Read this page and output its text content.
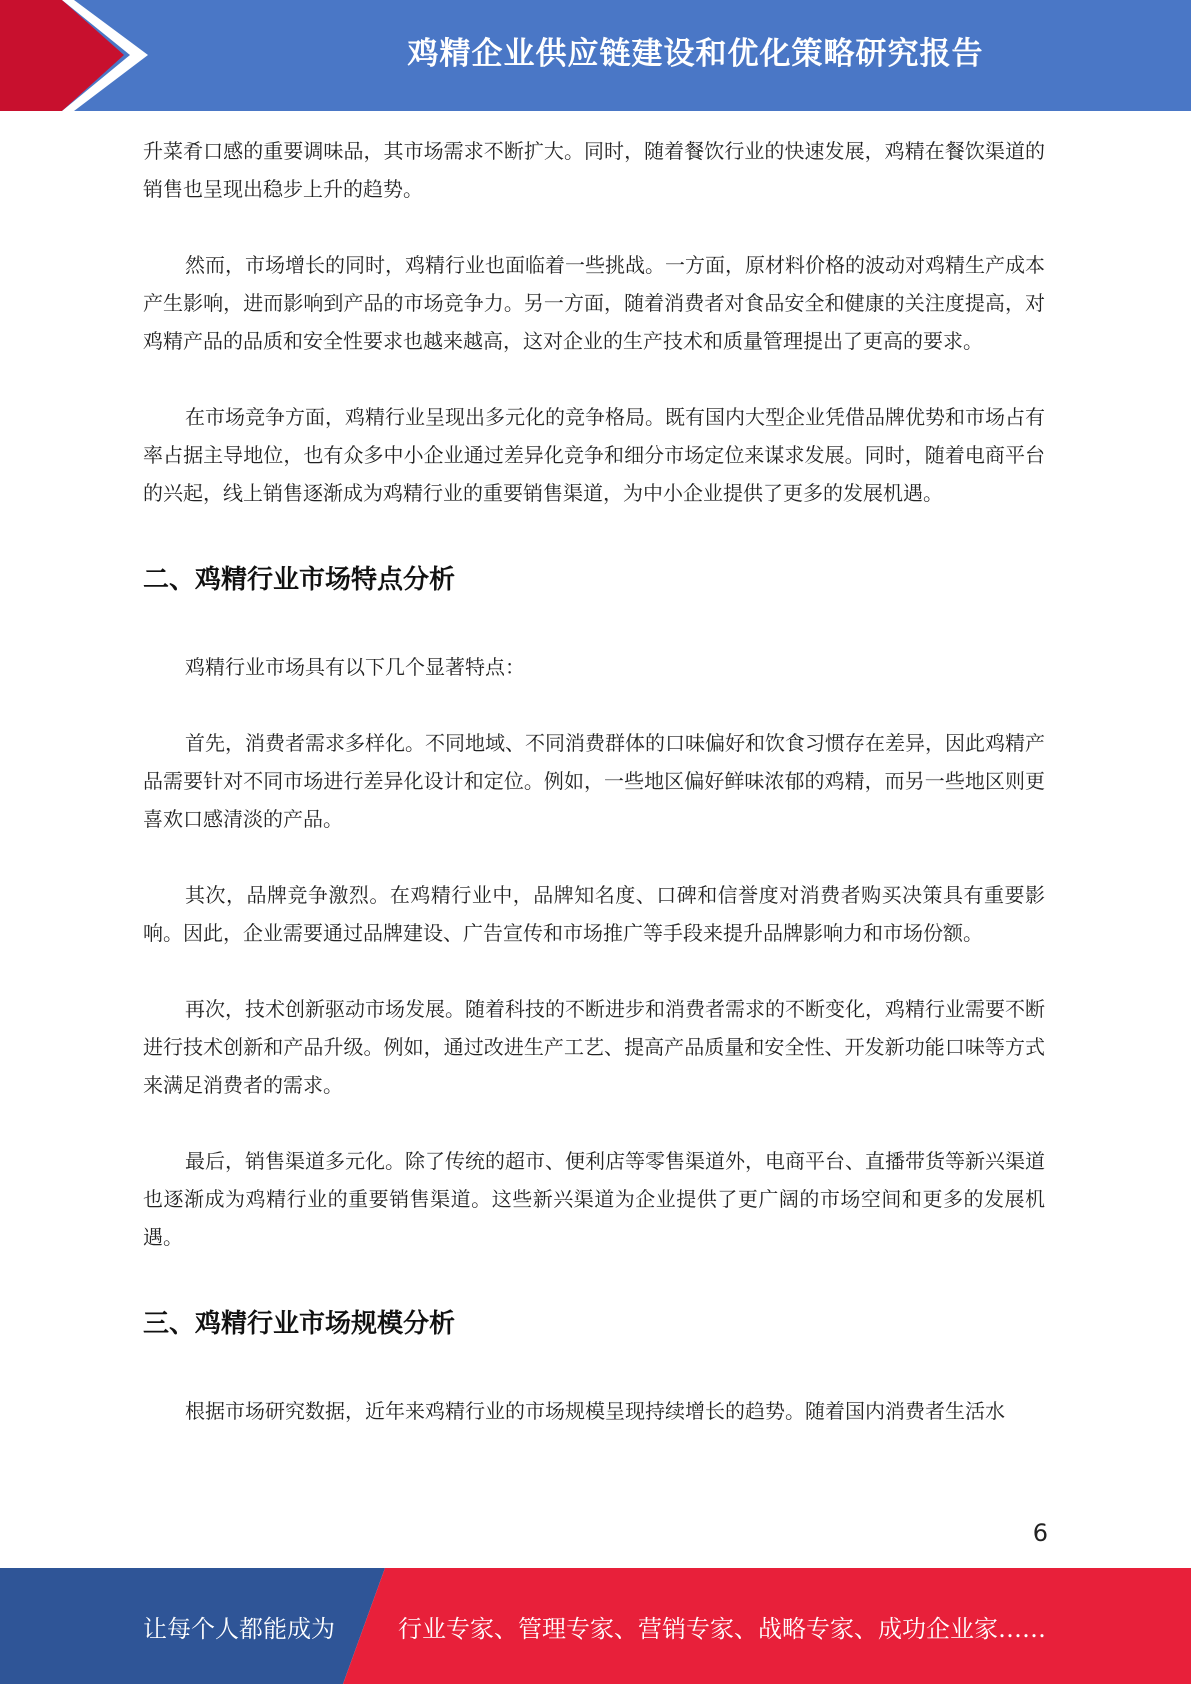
鸡精企业供应链建设和优化策略研究报告

升菜肴口感的重要调味品，其市场需求不断扩大。同时，随着餐饮行业的快速发展，鸡精在餐饮渠道的销售也呈现出稳步上升的趋势。

然而，市场增长的同时，鸡精行业也面临着一些挑战。一方面，原材料价格的波动对鸡精生产成本产生影响，进而影响到产品的市场竞争力。另一方面，随着消费者对食品安全和健康的关注度提高，对鸡精产品的品质和安全性要求也越来越高，这对企业的生产技术和质量管理提出了更高的要求。

在市场竞争方面，鸡精行业呈现出多元化的竞争格局。既有国内大型企业凭借品牌优势和市场占有率占据主导地位，也有众多中小企业通过差异化竞争和细分市场定位来谋求发展。同时，随着电商平台的兴起，线上销售逐渐成为鸡精行业的重要销售渠道，为中小企业提供了更多的发展机遇。

二、鸡精行业市场特点分析

鸡精行业市场具有以下几个显著特点：

首先，消费者需求多样化。不同地域、不同消费群体的口味偏好和饮食习惯存在差异，因此鸡精产品需要针对不同市场进行差异化设计和定位。例如，一些地区偏好鲜味浓郁的鸡精，而另一些地区则更喜欢口感清淡的产品。

其次，品牌竞争激烈。在鸡精行业中，品牌知名度、口碑和信誉度对消费者购买决策具有重要影响。因此，企业需要通过品牌建设、广告宣传和市场推广等手段来提升品牌影响力和市场份额。

再次，技术创新驱动市场发展。随着科技的不断进步和消费者需求的不断变化，鸡精行业需要不断进行技术创新和产品升级。例如，通过改进生产工艺、提高产品质量和安全性、开发新功能口味等方式来满足消费者的需求。

最后，销售渠道多元化。除了传统的超市、便利店等零售渠道外，电商平台、直播带货等新兴渠道也逐渐成为鸡精行业的重要销售渠道。这些新兴渠道为企业提供了更广阔的市场空间和更多的发展机遇。

三、鸡精行业市场规模分析

根据市场研究数据，近年来鸡精行业的市场规模呈现持续增长的趋势。随着国内消费者生活水

6
让每个人都能成为	行业专家、管理专家、营销专家、战略专家、成功企业家……
